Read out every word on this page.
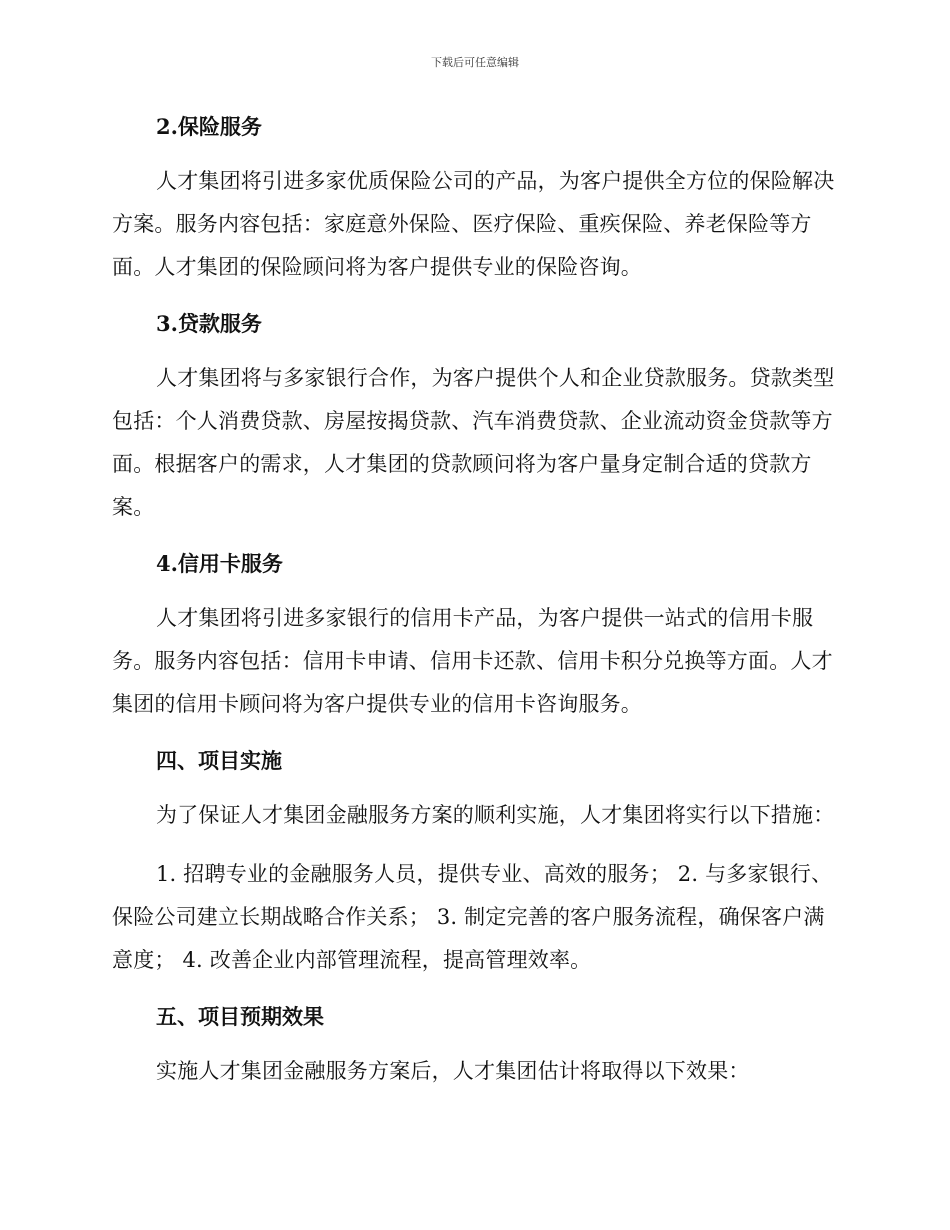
下载后可任意编辑
2.保险服务

人才集团将引进多家优质保险公司的产品，为客户提供全方位的保险解决方案。服务内容包括：家庭意外保险、医疗保险、重疾保险、养老保险等方面。人才集团的保险顾问将为客户提供专业的保险咨询。

3.贷款服务

人才集团将与多家银行合作，为客户提供个人和企业贷款服务。贷款类型包括：个人消费贷款、房屋按揭贷款、汽车消费贷款、企业流动资金贷款等方面。根据客户的需求，人才集团的贷款顾问将为客户量身定制合适的贷款方案。

4.信用卡服务

人才集团将引进多家银行的信用卡产品，为客户提供一站式的信用卡服务。服务内容包括：信用卡申请、信用卡还款、信用卡积分兑换等方面。人才集团的信用卡顾问将为客户提供专业的信用卡咨询服务。

四、项目实施

为了保证人才集团金融服务方案的顺利实施，人才集团将实行以下措施：

1. 招聘专业的金融服务人员，提供专业、高效的服务； 2. 与多家银行、保险公司建立长期战略合作关系； 3. 制定完善的客户服务流程，确保客户满意度； 4. 改善企业内部管理流程，提高管理效率。

五、项目预期效果

实施人才集团金融服务方案后，人才集团估计将取得以下效果：
